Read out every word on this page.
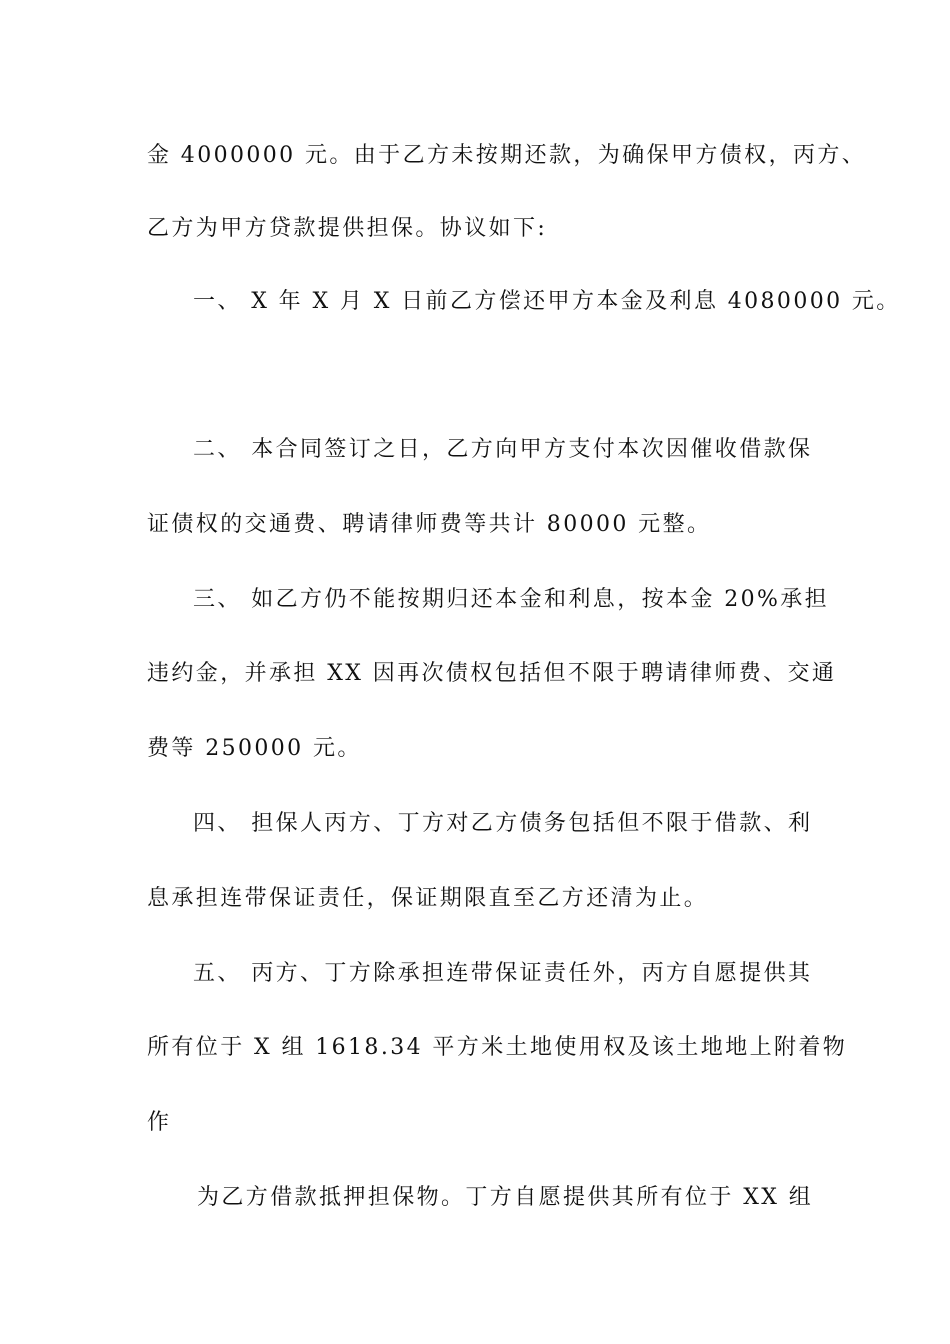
金 4000000 元。由于乙方未按期还款，为确保甲方债权，丙方、
乙方为甲方贷款提供担保。协议如下:
一、 X 年 X 月 X 日前乙方偿还甲方本金及利息 4080000 元。
二、 本合同签订之日，乙方向甲方支付本次因催收借款保
证债权的交通费、聘请律师费等共计 80000 元整。
三、 如乙方仍不能按期归还本金和利息，按本金 20%承担
违约金，并承担 XX 因再次债权包括但不限于聘请律师费、交通
费等 250000 元。
四、 担保人丙方、丁方对乙方债务包括但不限于借款、利
息承担连带保证责任，保证期限直至乙方还清为止。
五、 丙方、丁方除承担连带保证责任外，丙方自愿提供其
所有位于 X 组 1618.34 平方米土地使用权及该土地地上附着物
作
为乙方借款抵押担保物。丁方自愿提供其所有位于 XX 组
